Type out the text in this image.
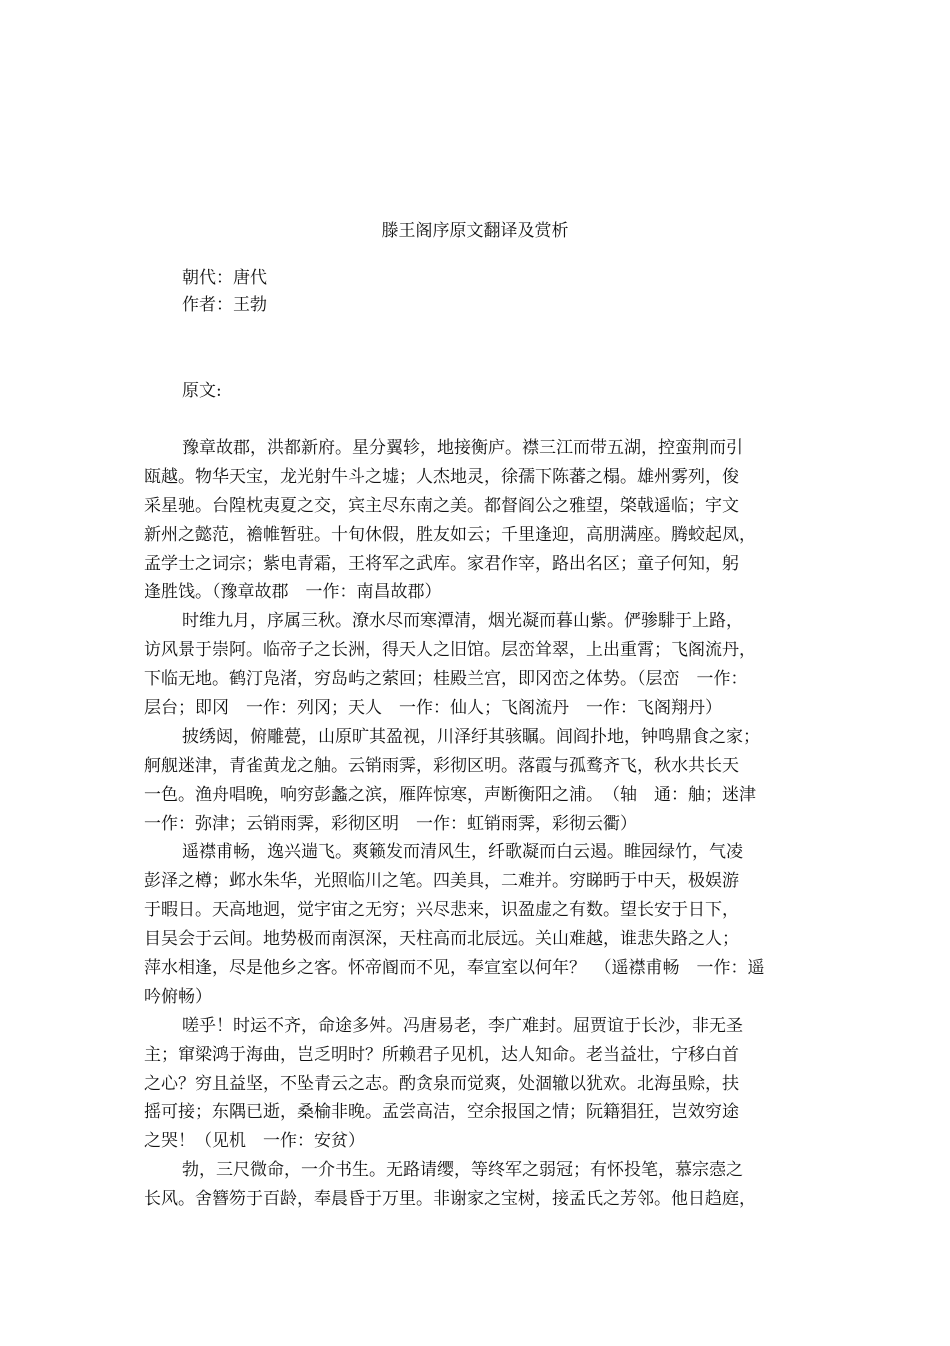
滕王阁序原文翻译及赏析
朝代：唐代
作者：王勃
原文:
豫章故郡，洪都新府。星分翼轸，地接衡庐。襟三江而带五湖，控蛮荆而引
瓯越。物华天宝，龙光射牛斗之墟；人杰地灵，徐孺下陈蕃之榻。雄州雾列，俊
采星驰。台隍枕夷夏之交，宾主尽东南之美。都督阎公之雅望，棨戟遥临；宇文
新州之懿范，襜帷暂驻。十旬休假，胜友如云；千里逢迎，高朋满座。腾蛟起凤，
孟学士之词宗；紫电青霜，王将军之武库。家君作宰，路出名区；童子何知，躬
逢胜饯。（豫章故郡　一作：南昌故郡）
时维九月，序属三秋。潦水尽而寒潭清，烟光凝而暮山紫。俨骖騑于上路，
访风景于崇阿。临帝子之长洲，得天人之旧馆。层峦耸翠，上出重霄；飞阁流丹，
下临无地。鹤汀凫渚，穷岛屿之萦回；桂殿兰宫，即冈峦之体势。（层峦　一作：
层台；即冈　一作：列冈；天人　一作：仙人；飞阁流丹　一作：飞阁翔丹）
披绣闼，俯雕甍，山原旷其盈视，川泽纡其骇瞩。闾阎扑地，钟鸣鼎食之家；
舸舰迷津，青雀黄龙之舳。云销雨霁，彩彻区明。落霞与孤鹜齐飞，秋水共长天
一色。渔舟唱晚，响穷彭蠡之滨，雁阵惊寒，声断衡阳之浦。　（轴　通：舳；迷津
一作：弥津；云销雨霁，彩彻区明　一作：虹销雨霁，彩彻云衢）
遥襟甫畅，逸兴遄飞。爽籁发而清风生，纤歌凝而白云遏。睢园绿竹，气凌
彭泽之樽；邺水朱华，光照临川之笔。四美具，二难并。穷睇眄于中天，极娱游
于暇日。天高地迥，觉宇宙之无穷；兴尽悲来，识盈虚之有数。望长安于日下，
目吴会于云间。地势极而南溟深，天柱高而北辰远。关山难越，谁悲失路之人；
萍水相逢，尽是他乡之客。怀帝阍而不见，奉宣室以何年？　（遥襟甫畅　一作：遥
吟俯畅）
嗟乎！时运不齐，命途多舛。冯唐易老，李广难封。屈贾谊于长沙，非无圣
主；窜梁鸿于海曲，岂乏明时？所赖君子见机，达人知命。老当益壮，宁移白首
之心？穷且益坚，不坠青云之志。酌贪泉而觉爽，处涸辙以犹欢。北海虽赊，扶
摇可接；东隅已逝，桑榆非晚。孟尝高洁，空余报国之情；阮籍猖狂，岂效穷途
之哭！（见机　一作：安贫）
勃，三尺微命，一介书生。无路请缨，等终军之弱冠；有怀投笔，慕宗悫之
长风。舍簪笏于百龄，奉晨昏于万里。非谢家之宝树，接孟氏之芳邻。他日趋庭，
